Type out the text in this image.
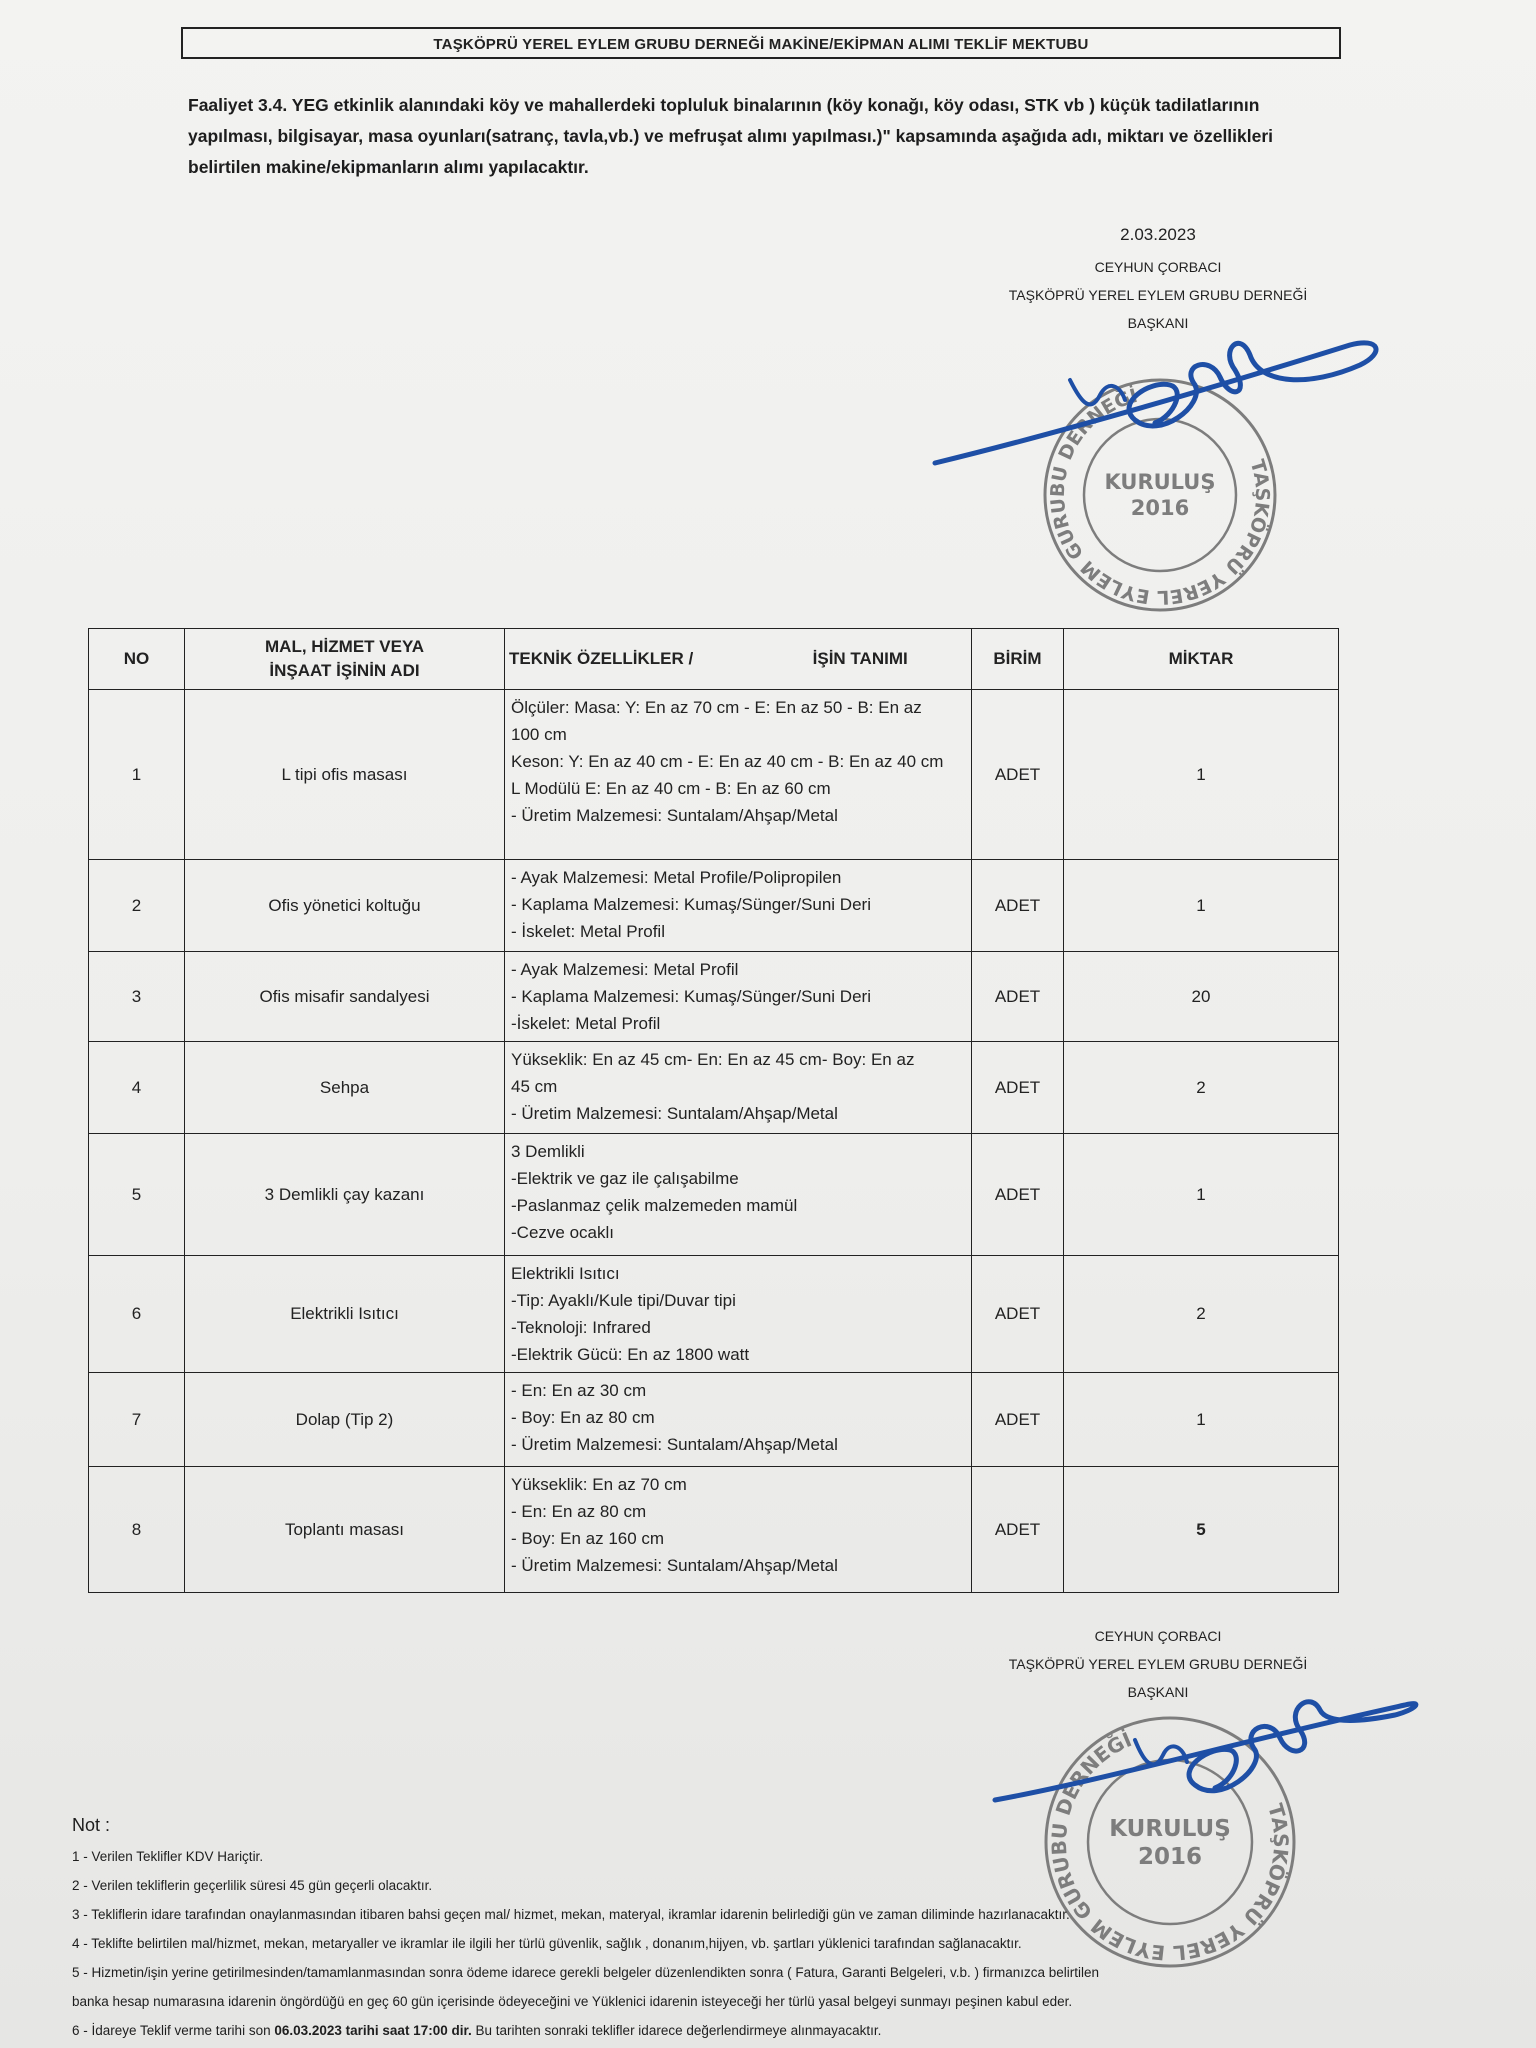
TAŞKÖPRÜ YEREL EYLEM GRUBU DERNEĞİ MAKİNE/EKİPMAN ALIMI TEKLİF MEKTUBU
Faaliyet 3.4. YEG etkinlik alanındaki köy ve mahallerdeki topluluk binalarının (köy konağı, köy odası, STK vb ) küçük tadilatlarının
yapılması, bilgisayar, masa oyunları(satranç, tavla,vb.) ve mefruşat alımı yapılması.)" kapsamında aşağıda adı, miktarı ve özellikleri
belirtilen makine/ekipmanların alımı yapılacaktır.
2.03.2023
CEYHUN ÇORBACI
TAŞKÖPRÜ YEREL EYLEM GRUBU DERNEĞİ
BAŞKANI
TAŞKÖPRÜ YEREL EYLEM GURUBU DERNEĞİ
KURULUŞ
2016
NO	MAL, HİZMET VEYA
İNŞAAT İŞİNİN ADI	TEKNİK ÖZELLİKLER / İŞİN TANIMI	BİRİM	MİKTAR
1	L tipi ofis masası	Ölçüler: Masa: Y: En az 70 cm - E: En az 50 - B: En az
100 cm
Keson: Y: En az 40 cm - E: En az 40 cm - B: En az 40 cm
L Modülü E: En az 40 cm - B: En az 60 cm
- Üretim Malzemesi: Suntalam/Ahşap/Metal	ADET	1
2	Ofis yönetici koltuğu	- Ayak Malzemesi: Metal Profile/Polipropilen
- Kaplama Malzemesi: Kumaş/Sünger/Suni Deri
- İskelet: Metal Profil	ADET	1
3	Ofis misafir sandalyesi	- Ayak Malzemesi: Metal Profil
- Kaplama Malzemesi: Kumaş/Sünger/Suni Deri
-İskelet: Metal Profil	ADET	20
4	Sehpa	Yükseklik: En az 45 cm- En: En az 45 cm- Boy: En az
45 cm
- Üretim Malzemesi: Suntalam/Ahşap/Metal	ADET	2
5	3 Demlikli çay kazanı	3 Demlikli
-Elektrik ve gaz ile çalışabilme
-Paslanmaz çelik malzemeden mamül
-Cezve ocaklı	ADET	1
6	Elektrikli Isıtıcı	Elektrikli Isıtıcı
-Tip: Ayaklı/Kule tipi/Duvar tipi
-Teknoloji: Infrared
-Elektrik Gücü: En az 1800 watt	ADET	2
7	Dolap (Tip 2)	- En: En az 30 cm
- Boy: En az 80 cm
- Üretim Malzemesi: Suntalam/Ahşap/Metal	ADET	1
8	Toplantı masası	Yükseklik: En az 70 cm
- En: En az 80 cm
- Boy: En az 160 cm
- Üretim Malzemesi: Suntalam/Ahşap/Metal	ADET	5
CEYHUN ÇORBACI
TAŞKÖPRÜ YEREL EYLEM GRUBU DERNEĞİ
BAŞKANI
TAŞKÖPRÜ YEREL EYLEM GURUBU DERNEĞİ
KURULUŞ
2016
Not :
1 - Verilen Teklifler KDV Hariçtir.
2 - Verilen tekliflerin geçerlilik süresi 45 gün geçerli olacaktır.
3 - Tekliflerin idare tarafından onaylanmasından itibaren bahsi geçen mal/ hizmet, mekan, materyal, ikramlar idarenin belirlediği gün ve zaman diliminde hazırlanacaktır.
4 - Teklifte belirtilen mal/hizmet, mekan, metaryaller ve ikramlar ile ilgili her türlü güvenlik, sağlık , donanım,hijyen, vb. şartları yüklenici tarafından sağlanacaktır.
5 - Hizmetin/işin yerine getirilmesinden/tamamlanmasından sonra ödeme idarece gerekli belgeler düzenlendikten sonra ( Fatura, Garanti Belgeleri, v.b. ) firmanızca belirtilen
banka hesap numarasına idarenin öngördüğü en geç 60 gün içerisinde ödeyeceğini ve Yüklenici idarenin isteyeceği her türlü yasal belgeyi sunmayı peşinen kabul eder.
6 - İdareye Teklif verme tarihi son 06.03.2023 tarihi saat 17:00 dir. Bu tarihten sonraki teklifler idarece değerlendirmeye alınmayacaktır.
